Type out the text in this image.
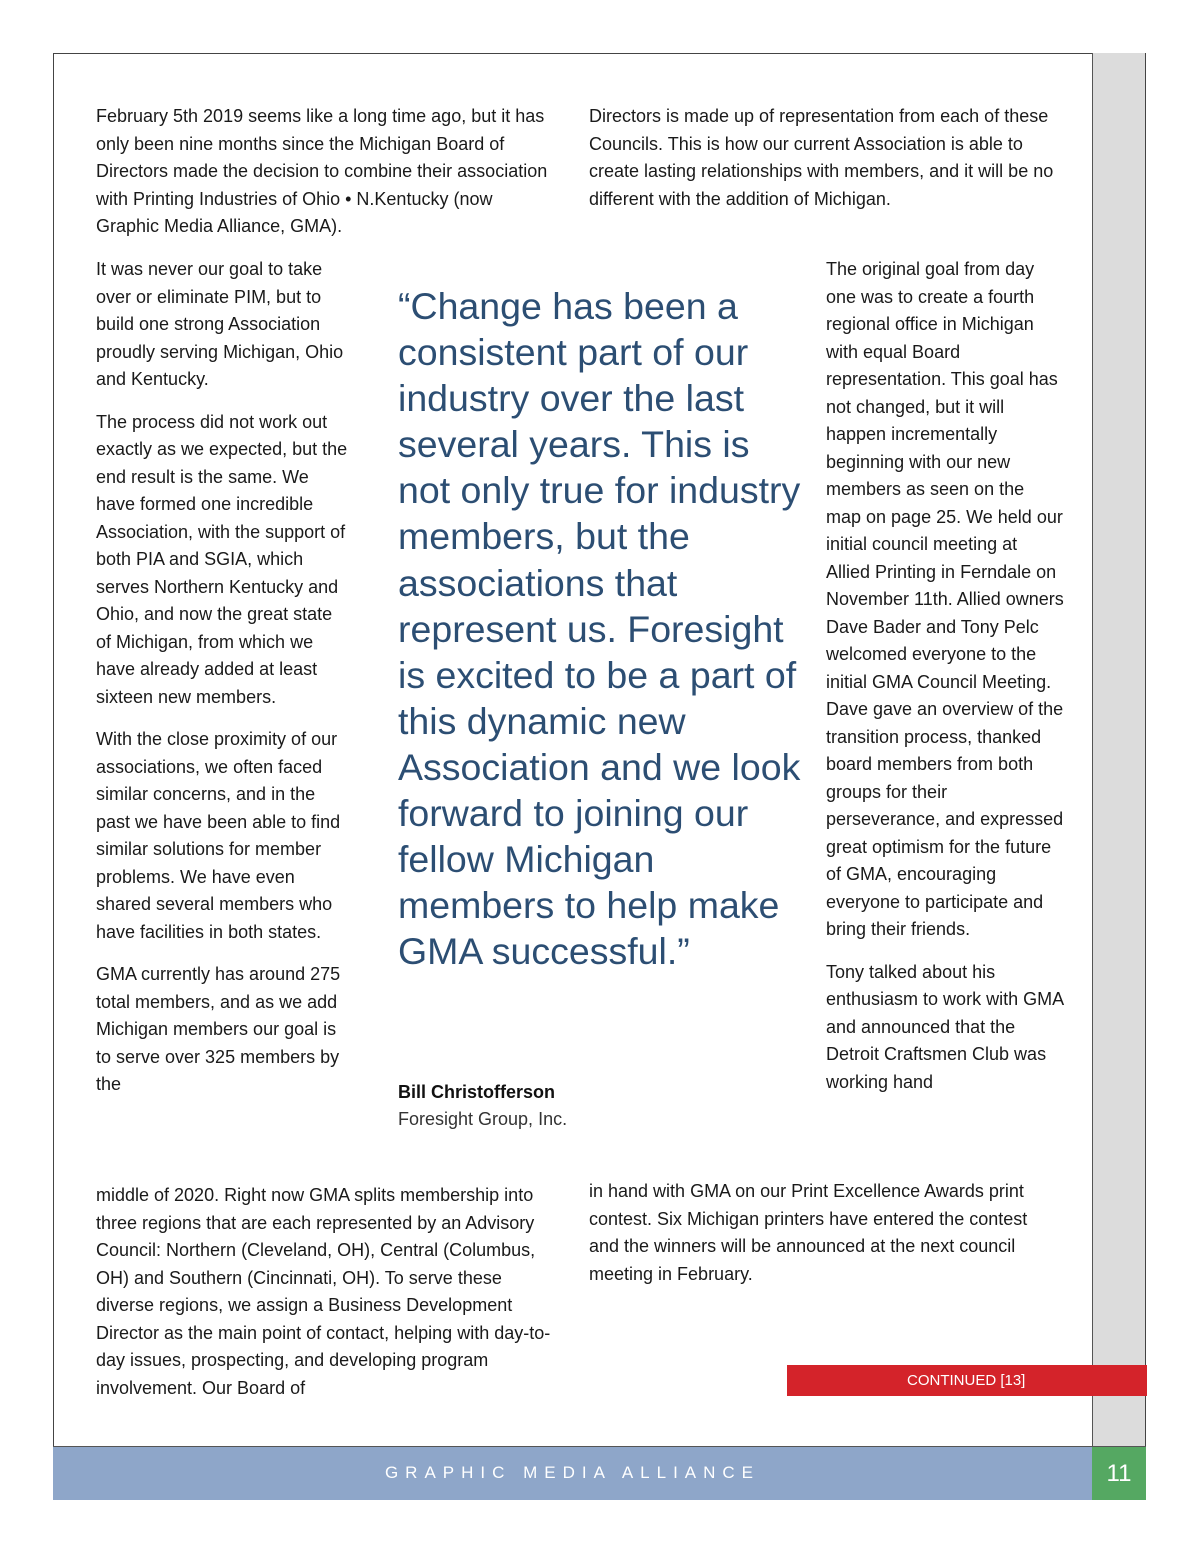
February 5th 2019 seems like a long time ago, but it has only been nine months since the Michigan Board of Directors made the decision to combine their association with Printing Industries of Ohio • N.Kentucky (now Graphic Media Alliance, GMA).

Directors is made up of representation from each of these Councils. This is how our current Association is able to create lasting relationships with members, and it will be no different with the addition of Michigan.

It was never our goal to take over or eliminate PIM, but to build one strong Association proudly serving Michigan, Ohio and Kentucky.

The process did not work out exactly as we expected, but the end result is the same. We have formed one incredible Association, with the support of both PIA and SGIA, which serves Northern Kentucky and Ohio, and now the great state of Michigan, from which we have already added at least sixteen new members.

With the close proximity of our associations, we often faced similar concerns, and in the past we have been able to find similar solutions for member problems. We have even shared several members who have facilities in both states.

GMA currently has around 275 total members, and as we add Michigan members our goal is to serve over 325 members by the

middle of 2020. Right now GMA splits membership into three regions that are each represented by an Advisory Council: Northern (Cleveland, OH), Central (Columbus, OH) and Southern (Cincinnati, OH). To serve these diverse regions, we assign a Business Development Director as the main point of contact, helping with day-to-day issues, prospecting, and developing program involvement. Our Board of

“Change has been a consistent part of our industry over the last several years. This is not only true for industry members, but the associations that represent us. Foresight is excited to be a part of this dynamic new Association and we look forward to joining our fellow Michigan members to help make GMA successful.”
Bill Christofferson
Foresight Group, Inc.

The original goal from day one was to create a fourth regional office in Michigan with equal Board representation. This goal has not changed, but it will happen incrementally beginning with our new members as seen on the map on page 25. We held our initial council meeting at Allied Printing in Ferndale on November 11th. Allied owners Dave Bader and Tony Pelc welcomed everyone to the initial GMA Council Meeting. Dave gave an overview of the transition process, thanked board members from both groups for their perseverance, and expressed great optimism for the future of GMA, encouraging everyone to participate and bring their friends.

Tony talked about his enthusiasm to work with GMA and announced that the Detroit Craftsmen Club was working hand

in hand with GMA on our Print Excellence Awards print contest. Six Michigan printers have entered the contest and the winners will be announced at the next council meeting in February.

CONTINUED [13]
GRAPHIC MEDIA ALLIANCE	11
